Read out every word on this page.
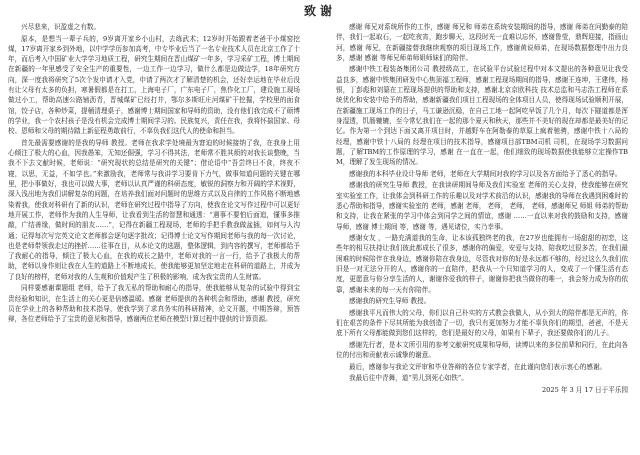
致谢

兴尽悲来，识盈虚之有数。

原本，是想当一辈子兵的，9岁离开家乡小山村，去练武术；12岁时开始跟着老爸干小煤窑挖煤，17岁离开家乡到外地，以中学学历参加高考，中专毕业后当了一名专业技术人员在北京工作了十年，而后考入中国矿业大学学习地质工程，研究生期间在晋山煤矿一年多，学习采矿工程，博士期间在新疆的一年里感受了安全生产的重要性，一边工作一边学习，做什么都是边做边学，18年研究方向，深一度我将研究了5次个发申请才入党，申请了两次才了解清楚的机会，还好幸运地在毕业后没有让父母有太多的负担，寒暑假都是在打工，上海电子厂，广东电子厂，焦作化工厂，建设施工现场做过小工，帮助高速公路铺沥青，晋城煤矿已经打井，鄂尔多斯旺庄河煤矿干挖掘，学校里的面食馆，饺子店，各种炒菜，提桶清理桌子，感谢博士期间国家和导师的资助，没有他们我完成不了硕博的学业，我一个农村孩子是没有机会完成博士期间学习的。民族复兴，责任在我，我将怀揣国家、母校、恩师和父母的期待踏上新征程勇敢前行，不辜负我们这代人的使命和担当。

首先最需要感谢的是我的导师 教授。老师在我求学处境最为窘迫的时候接纳了我，在我身上用心倾注了极大的心血，因我愚笨，无知还倔强，学习不得其法，老师常不胜其烦的对我长谈整晚，当我不下去文献时候，老师说：“研究现状的总结是研究的关键”；借论语中“吾尝终日不食，终夜不寝，以思，无益，不如学也。”来激励我，老师常与我讲学习要肯下力气，做事知道问题的关键在哪里，把小事做好，我也可以做大事，老师以认真严谨的科研态度，敏锐的洞察力和开阔的学术视野，深入浅出地为我们讲解复杂的问题，在培养我们面对问题时的思维方式以及自律的工作风格不断地感染着我，使我对科研有了新的认识，老师在研究过程中指导了方向，使我在论文写作过程中可以更好地开展工作，老师作为我的人生导师，让我看到生活的智慧和通透：“遇事不要怕后面追，懂事多推敲，广结善缘，做时间的朋友……”，记得在新疆工程现场，老师的手把手教我做盆插，如何与人沟通；记得每次写完英文论文老师都会逐句逐字批改；记得博士论文写作期间老师与我的每一次讨论，也是老师带领我走过的挫折……往事在目，从本论文的选题，整体逻辑，到内容的撰写，老师都给予了我耐心的指导，倾注了极大心血，在我的成长之路中，老师对我的一言一行，给予了我极大的帮助，老师以身作则让我在人生的道路上不断地成长，使我能够更加坚定地走在科研的道路上，并成为了良好的榜样，老师对我的人生观和价值观产生了积极的影响，成为我宝贵的人生财富。

同样要感谢课题组 老师，给予了我无私的帮助和耐心的指导，使我能够从复杂的试验中得到宝贵经验和知识，在生活上的关心更是倍感温暖。感谢 老师提供的各种机会和帮助，感谢 教授，研究员在学业上的各种帮助和技术指导，使我学到了求真务实的科研精神，论文开题，中期答辩，预答辩，各位老师给予了宝贵的意见和指导，感谢两位老师在模型计算过程中提供的计算资源。

感谢 师兄对系统所作的工作，感谢 师兄和 师弟在系统安装期间的指导，感谢 师弟在问勤泰的陪伴，我们一起取石，一起吃夜宵，跑步聊天，这段时光一直难以忘怀，感谢鲁莹，鼎辉迎接，指画山河，感谢 师兄，在新疆接替我继续观察的项目现场工作，感谢黄说师弟，在现场数据整理中出力良多，感谢 感谢 等师兄师弟师姐师妹们的陪伴。

感谢中铁工程装备集团公司 教授级高工，在试验平台试验过程中对本文提出的各种意见让我受益良多，感谢中铁集团研发中心焦顶福工程师，感谢工程现场期间的指导，感谢王连坤，王建伟，杨银，丁彭彪和刘纂在工程现场提供的帮助和支持，感谢北京京欧科技 技术总监和马志浩工程师在系统优化和安装中给予的帮助，感谢新疆我们项目工程现场的全体项目人员，使得现场试验顺利开展，在新疆施工现场工作的日子，马工谦逊沉稳，在自己工地一起阿吃早饭了几个月，每次下隧道都是浑身湿透，饥肠辘辘，至今常忆我们在一起的那个夏天和秋天，那些并不美好的现在却都是最美好的记忆。作为第一个到达下面又离开项目时，并越野车在阿勒泰的草原上疯着驰骋，感谢中铁十八局的 经理，感谢中铁十八局的 经理在项目的技术指导，感谢项目部TBM司机 司机，在现场学习数据问题，了解TBM的工作原理的学习，感谢 在一直在一起，他们细致的现场数据使我能够立定操作TBM，理解了发生现场的情况。

感谢我的本科毕业设计导师 老师，老师在大学期间对我的学习以及各方面给予了悉心的指导。

感谢我的研究生导师 教授，在我读研期间导师及我们实验室 老师的关心支持，使我能够在研究室实验室工作，让我体会到科研工作的乐趣以及对学术前沿的认识，感谢我的导师在我遇到困难时的悉心帮助和指导，感谢实验室的 老师，感谢 老师， 老师， 老师， 老师，感谢师兄 师姐 师弟的帮助和支持，让我在紧张的学习中体会到同学之间的情谊，感谢 ……一直以来对我的鼓励和支持，感谢 导师，感谢 博士期间 等，感谢 等，遇见诸位，实乃幸事。

感谢女友 ，一路充满道我的生命，让本该孤独终老的我，在27岁也能拥有一场甜甜的初恋，这些年的相互扶持让我们彼此都成长了很多，感谢你的偏爱，安爱与支持，陪我吃过很多苦，在我们最困难的时候陪伴在我身边，感谢你陪在我身边，尽管我对你的好是永远都不够的，经过这么久我们依旧是一对无法分开的人，感谢你的一直陪伴，把我从一个只知道学习的人，变成了一个懂生活有态度，更愿意与你分享生活的人，谢谢你爱我的样子，谢谢你把我当做你的唯一，我会努力成为你的依靠，感谢未来的每一天有你陪伴。

感谢我的研究生导师 教授。

感谢我平凡而伟大的父母，你们以自己朴实的方式教会我做人，从小到大的陪伴都是无声的，你们在艰苦的条件下尽其所能为我创造了一切，我只有更加努力才能不辜负你们的期望，爸爸，不是天底下所有父母都能做到您们这样的，您们是最好的父母，如果有下辈子，我还要做你们的儿子。

感谢先行者，是本文所引用的参考文献研究成果和导师，读博以来的多位前辈和同行，在此向各位的付出和贡献表示诚挚的谢意。

最后，感谢参与我论文评审和毕业答辩的各位专家学者，在此谨向您们表示衷心的感谢。

我最后往中青舞，道“男儿到死心如铁”。

2025 年 3 月 17 日于平乐园
